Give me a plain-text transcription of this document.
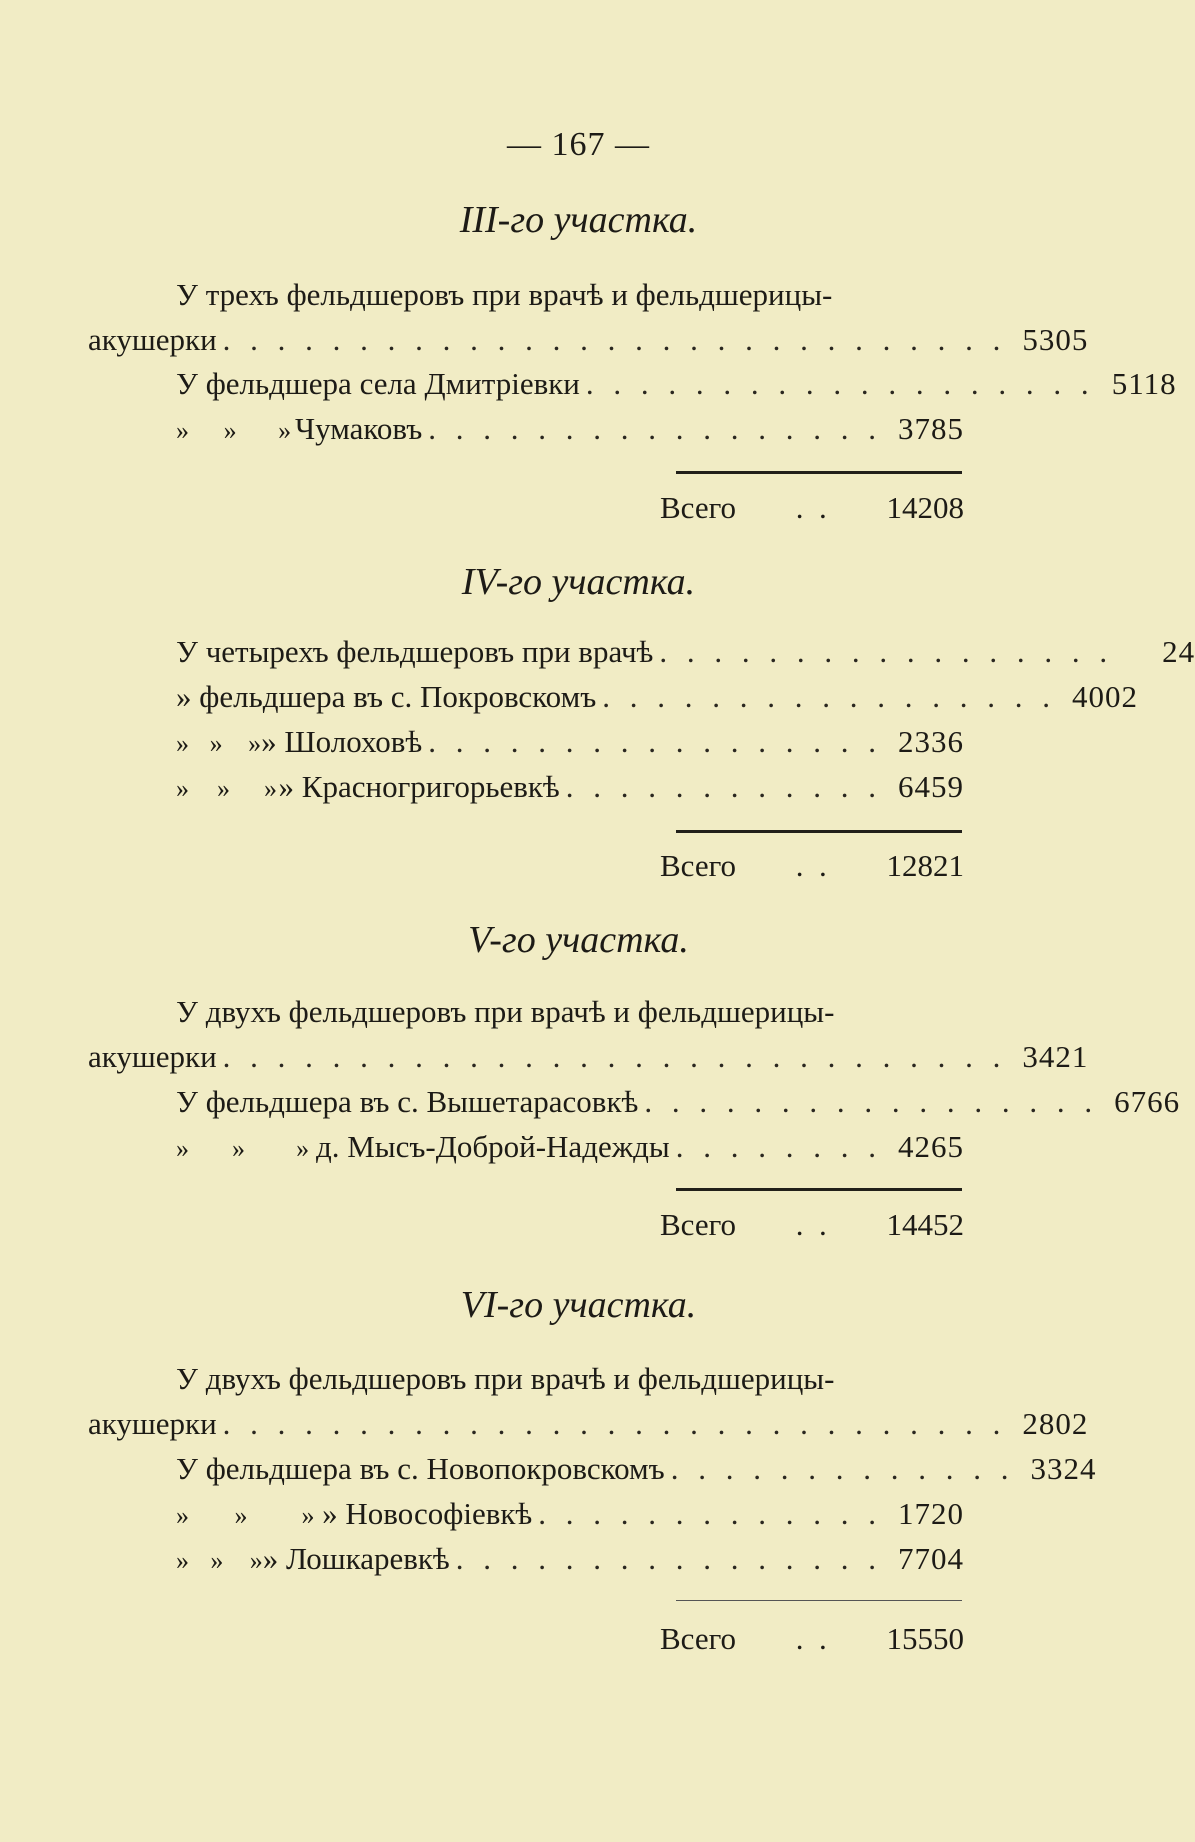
— 167 —
III-го участка.
У трехъ фельдшеровъ при врачѣ и фельдшерицы-
акушерки . . . . . . . . . . . . . . . . . . . . . . . . . . . . . 5305
У фельдшера села Дмитріевки . . . . . . . . . . . . . . . . . . . 5118
»	»	» Чумаковъ . . . . . . . . . . . . . . . . . 3785
Всего .  . 14208
IV-го участка.
У четырехъ фельдшеровъ при врачѣ . . . . . . . . . . . . . . . . .	24
» фельдшера въ с. Покровскомъ . . . . . . . . . . . . . . . . . 4002
» » » » Шолоховѣ . . . . . . . . . . . . . . . . . 2336
»	»	» » Красногригорьевкѣ . . . . . . . . . . . . 6459
Всего .  . 12821
V-го участка.
У двухъ фельдшеровъ при врачѣ и фельдшерицы-
акушерки . . . . . . . . . . . . . . . . . . . . . . . . . . . . . 3421
У фельдшера въ с. Вышетарасовкѣ . . . . . . . . . . . . . . . . . 6766
»	»	» д. Мысъ-Доброй-Надежды . . . . . . . . 4265
Всего .  . 14452
VI-го участка.
У двухъ фельдшеровъ при врачѣ и фельдшерицы-
акушерки . . . . . . . . . . . . . . . . . . . . . . . . . . . . . 2802
У фельдшера въ с. Новопокровскомъ . . . . . . . . . . . . . 3324
»	»	» » Новософіевкѣ . . . . . . . . . . . . . 1720
» »	» » Лошкаревкѣ . . . . . . . . . . . . . . . . 7704
Всего .  . 15550
